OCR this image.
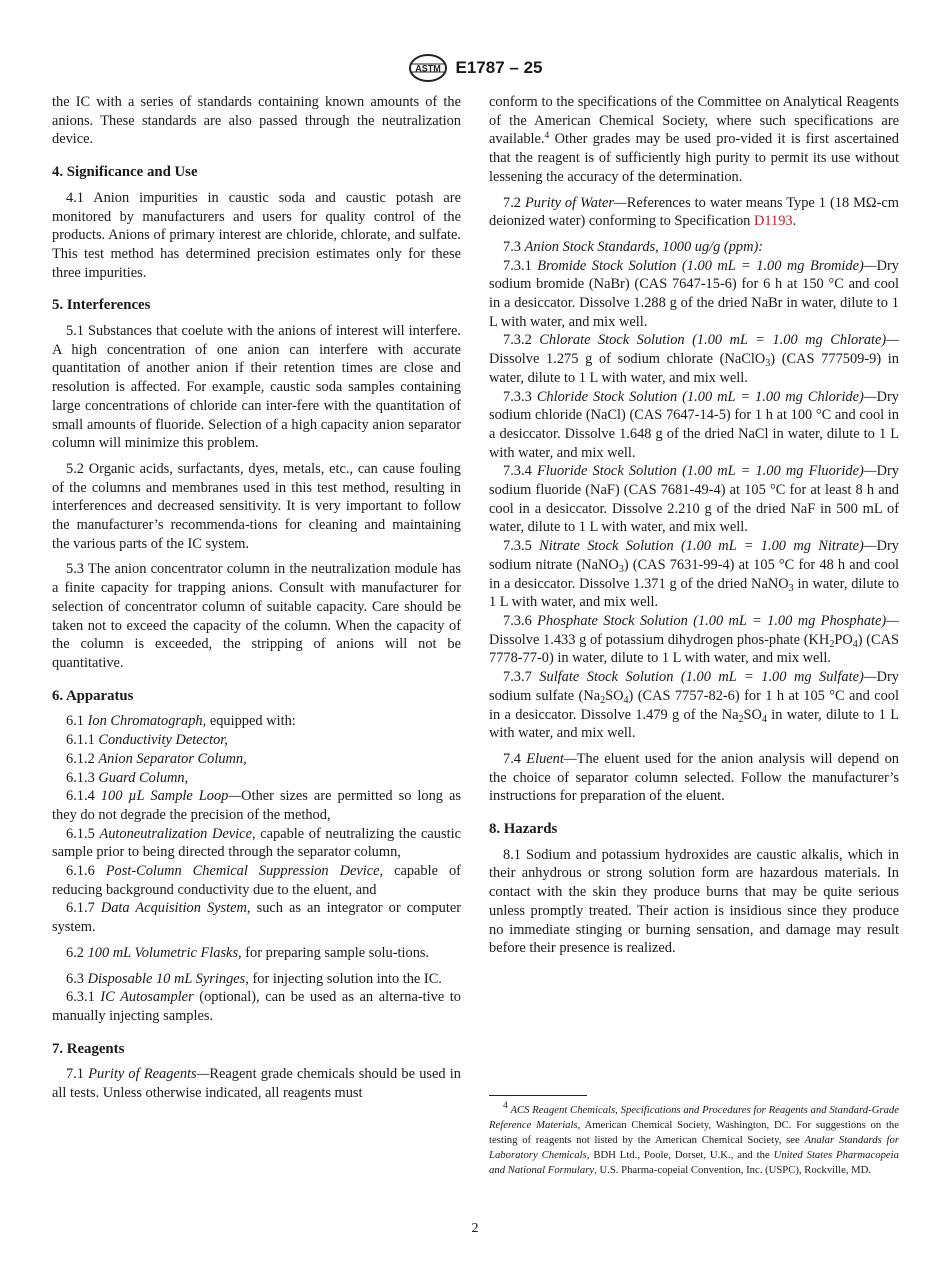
ASTM E1787 – 25

the IC with a series of standards containing known amounts of the anions. These standards are also passed through the neutralization device.

4. Significance and Use

4.1 Anion impurities in caustic soda and caustic potash are monitored by manufacturers and users for quality control of the products. Anions of primary interest are chloride, chlorate, and sulfate. This test method has determined precision estimates only for these three impurities.

5. Interferences

5.1 Substances that coelute with the anions of interest will interfere. A high concentration of one anion can interfere with accurate quantitation of another anion if their retention times are close and resolution is affected. For example, caustic soda samples containing large concentrations of chloride can inter-fere with the quantitation of small amounts of fluoride. Selection of a high capacity anion separator column will minimize this problem.

5.2 Organic acids, surfactants, dyes, metals, etc., can cause fouling of the columns and membranes used in this test method, resulting in interferences and decreased sensitivity. It is very important to follow the manufacturer’s recommenda-tions for cleaning and maintaining the various parts of the IC system.

5.3 The anion concentrator column in the neutralization module has a finite capacity for trapping anions. Consult with manufacturer for selection of concentrator column of suitable capacity. Care should be taken not to exceed the capacity of the column. When the capacity of the column is exceeded, the stripping of anions will not be quantitative.

6. Apparatus

6.1 Ion Chromatograph, equipped with:

6.1.1 Conductivity Detector,

6.1.2 Anion Separator Column,

6.1.3 Guard Column,

6.1.4 100 µL Sample Loop—Other sizes are permitted so long as they do not degrade the precision of the method,

6.1.5 Autoneutralization Device, capable of neutralizing the caustic sample prior to being directed through the separator column,

6.1.6 Post-Column Chemical Suppression Device, capable of reducing background conductivity due to the eluent, and

6.1.7 Data Acquisition System, such as an integrator or computer system.

6.2 100 mL Volumetric Flasks, for preparing sample solu-tions.

6.3 Disposable 10 mL Syringes, for injecting solution into the IC.

6.3.1 IC Autosampler (optional), can be used as an alterna-tive to manually injecting samples.

7. Reagents

7.1 Purity of Reagents—Reagent grade chemicals should be used in all tests. Unless otherwise indicated, all reagents must

conform to the specifications of the Committee on Analytical Reagents of the American Chemical Society, where such specifications are available.$^4$ Other grades may be used pro-vided it is first ascertained that the reagent is of sufficiently high purity to permit its use without lessening the accuracy of the determination.

7.2 Purity of Water—References to water means Type 1 (18 MΩ-cm deionized water) conforming to Specification D1193.

7.3 Anion Stock Standards, 1000 ug/g (ppm):

7.3.1 Bromide Stock Solution (1.00 mL = 1.00 mg Bromide)—Dry sodium bromide (NaBr) (CAS 7647-15-6) for 6 h at 150 °C and cool in a desiccator. Dissolve 1.288 g of the dried NaBr in water, dilute to 1 L with water, and mix well.

7.3.2 Chlorate Stock Solution (1.00 mL = 1.00 mg Chlorate)—Dissolve 1.275 g of sodium chlorate (NaClO$_3$) (CAS 777509-9) in water, dilute to 1 L with water, and mix well.

7.3.3 Chloride Stock Solution (1.00 mL = 1.00 mg Chloride)—Dry sodium chloride (NaCl) (CAS 7647-14-5) for 1 h at 100 °C and cool in a desiccator. Dissolve 1.648 g of the dried NaCl in water, dilute to 1 L with water, and mix well.

7.3.4 Fluoride Stock Solution (1.00 mL = 1.00 mg Fluoride)—Dry sodium fluoride (NaF) (CAS 7681-49-4) at 105 °C for at least 8 h and cool in a desiccator. Dissolve 2.210 g of the dried NaF in 500 mL of water, dilute to 1 L with water, and mix well.

7.3.5 Nitrate Stock Solution (1.00 mL = 1.00 mg Nitrate)—Dry sodium nitrate (NaNO$_3$) (CAS 7631-99-4) at 105 °C for 48 h and cool in a desiccator. Dissolve 1.371 g of the dried NaNO$_3$ in water, dilute to 1 L with water, and mix well.

7.3.6 Phosphate Stock Solution (1.00 mL = 1.00 mg Phosphate)—Dissolve 1.433 g of potassium dihydrogen phos-phate $(KH_2PO_4)$ (CAS 7778-77-0) in water, dilute to 1 L with water, and mix well.

7.3.7 Sulfate Stock Solution (1.00 mL = 1.00 mg Sulfate)—Dry sodium sulfate $(Na_2SO_4)$ (CAS 7757-82-6) for 1 h at 105 °C and cool in a desiccator. Dissolve 1.479 g of the $Na_2SO_4$ in water, dilute to 1 L with water, and mix well.

7.4 Eluent—The eluent used for the anion analysis will depend on the choice of separator column selected. Follow the manufacturer’s instructions for preparation of the eluent.

8. Hazards

8.1 Sodium and potassium hydroxides are caustic alkalis, which in their anhydrous or strong solution form are hazardous materials. In contact with the skin they produce burns that may be quite serious unless promptly treated. Their action is insidious since they produce no immediate stinging or burning sensation, and damage may result before their presence is realized.

$^4$ ACS Reagent Chemicals, Specifications and Procedures for Reagents and Standard-Grade Reference Materials, American Chemical Society, Washington, DC. For suggestions on the testing of reagents not listed by the American Chemical Society, see Analar Standards for Laboratory Chemicals, BDH Ltd., Poole, Dorset, U.K., and the United States Pharmacopeia and National Formulary, U.S. Pharma-copeial Convention, Inc. (USPC), Rockville, MD.

2
